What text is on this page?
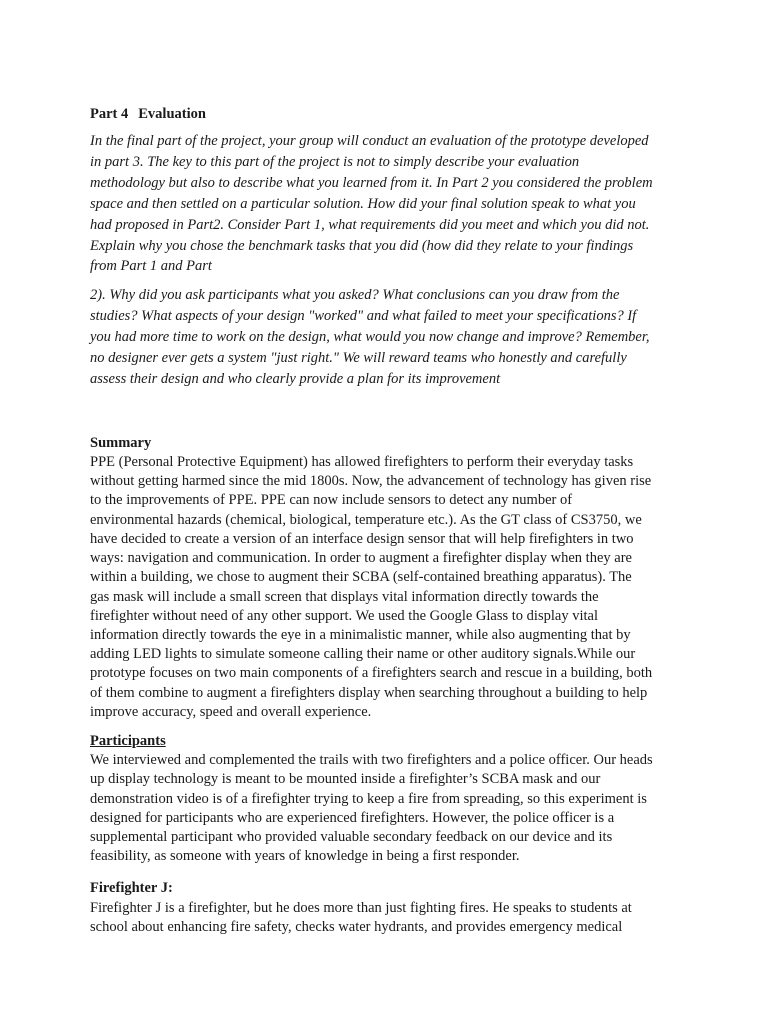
Part 4 Evaluation

In the final part of the project, your group will conduct an evaluation of the prototype developed
in part 3. The key to this part of the project is not to simply describe your evaluation
methodology but also to describe what you learned from it. In Part 2 you considered the problem
space and then settled on a particular solution. How did your final solution speak to what you
had proposed in Part2. Consider Part 1, what requirements did you meet and which you did not.
Explain why you chose the benchmark tasks that you did (how did they relate to your findings
from Part 1 and Part

2). Why did you ask participants what you asked? What conclusions can you draw from the
studies? What aspects of your design "worked" and what failed to meet your specifications? If
you had more time to work on the design, what would you now change and improve? Remember,
no designer ever gets a system "just right." We will reward teams who honestly and carefully
assess their design and who clearly provide a plan for its improvement

Summary

PPE (Personal Protective Equipment) has allowed firefighters to perform their everyday tasks
without getting harmed since the mid 1800s. Now, the advancement of technology has given rise
to the improvements of PPE. PPE can now include sensors to detect any number of
environmental hazards (chemical, biological, temperature etc.). As the GT class of CS3750, we
have decided to create a version of an interface design sensor that will help firefighters in two
ways: navigation and communication. In order to augment a firefighter display when they are
within a building, we chose to augment their SCBA (self-contained breathing apparatus). The
gas mask will include a small screen that displays vital information directly towards the
firefighter without need of any other support. We used the Google Glass to display vital
information directly towards the eye in a minimalistic manner, while also augmenting that by
adding LED lights to simulate someone calling their name or other auditory signals.While our
prototype focuses on two main components of a firefighters search and rescue in a building, both
of them combine to augment a firefighters display when searching throughout a building to help
improve accuracy, speed and overall experience.

Participants

We interviewed and complemented the trails with two firefighters and a police officer. Our heads
up display technology is meant to be mounted inside a firefighter’s SCBA mask and our
demonstration video is of a firefighter trying to keep a fire from spreading, so this experiment is
designed for participants who are experienced firefighters. However, the police officer is a
supplemental participant who provided valuable secondary feedback on our device and its
feasibility, as someone with years of knowledge in being a first responder.

Firefighter J:

Firefighter J is a firefighter, but he does more than just fighting fires. He speaks to students at
school about enhancing fire safety, checks water hydrants, and provides emergency medical
